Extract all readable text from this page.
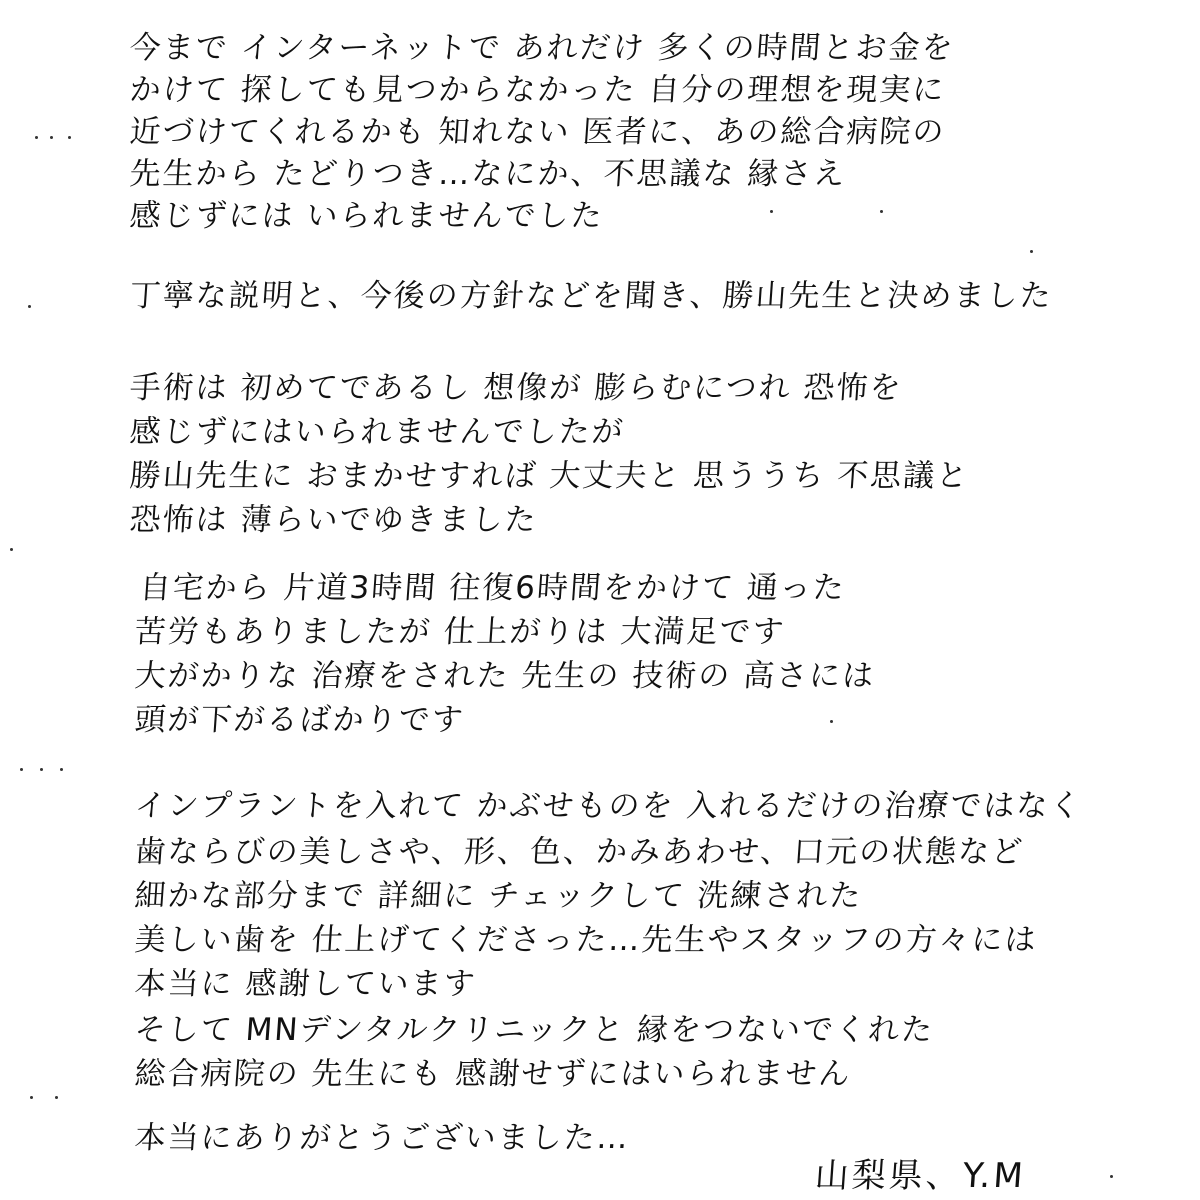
今まで インターネットで あれだけ 多くの時間とお金を
かけて 探しても見つからなかった 自分の理想を現実に
近づけてくれるかも 知れない 医者に、あの総合病院の
先生から たどりつき…なにか、不思議な 縁さえ
感じずには いられませんでした
丁寧な説明と、今後の方針などを聞き、勝山先生と決めました
手術は 初めてであるし 想像が 膨らむにつれ 恐怖を
感じずにはいられませんでしたが
勝山先生に おまかせすれば 大丈夫と 思ううち 不思議と
恐怖は 薄らいでゆきました
自宅から 片道3時間 往復6時間をかけて 通った
苦労もありましたが 仕上がりは 大満足です
大がかりな 治療をされた 先生の 技術の 高さには
頭が下がるばかりです
インプラントを入れて かぶせものを 入れるだけの治療ではなく
歯ならびの美しさや、形、色、かみあわせ、口元の状態など
細かな部分まで 詳細に チェックして 洗練された
美しい歯を 仕上げてくださった…先生やスタッフの方々には
本当に 感謝しています
そして MNデンタルクリニックと 縁をつないでくれた
総合病院の 先生にも 感謝せずにはいられません
本当にありがとうございました…
山梨県、Y.M
